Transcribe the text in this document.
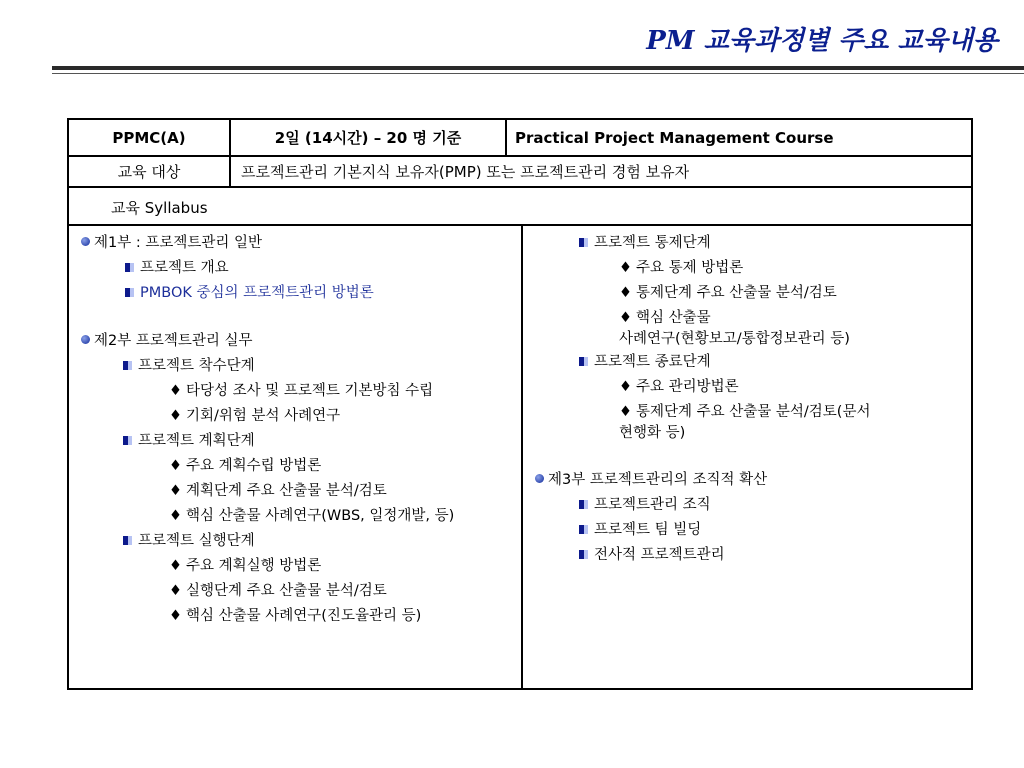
PM 교육과정별 주요 교육내용
PPMC(A)	2일 (14시간) – 20 명 기준	Practical Project Management Course
교육 대상	프로젝트관리 기본지식 보유자(PMP) 또는 프로젝트관리 경험 보유자
교육 Syllabus
제1부 : 프로젝트관리 일반
프로젝트 개요
PMBOK 중심의 프로젝트관리 방법론
제2부 프로젝트관리 실무
프로젝트 착수단계
♦ 타당성 조사 및 프로젝트 기본방침 수립
♦ 기회/위험 분석 사례연구
프로젝트 계획단계
♦ 주요 계획수립 방법론
♦ 계획단계 주요 산출물 분석/검토
♦ 핵심 산출물 사례연구(WBS, 일정개발, 등)
프로젝트 실행단계
♦ 주요 계획실행 방법론
♦ 실행단계 주요 산출물 분석/검토
♦ 핵심 산출물 사례연구(진도율관리 등)
프로젝트 통제단계
♦ 주요 통제 방법론
♦ 통제단계 주요 산출물 분석/검토
♦ 핵심 산출물
사례연구(현황보고/통합정보관리 등)
프로젝트 종료단계
♦ 주요 관리방법론
♦ 통제단계 주요 산출물 분석/검토(문서
현행화 등)
제3부 프로젝트관리의 조직적 확산
프로젝트관리 조직
프로젝트 팀 빌딩
전사적 프로젝트관리
